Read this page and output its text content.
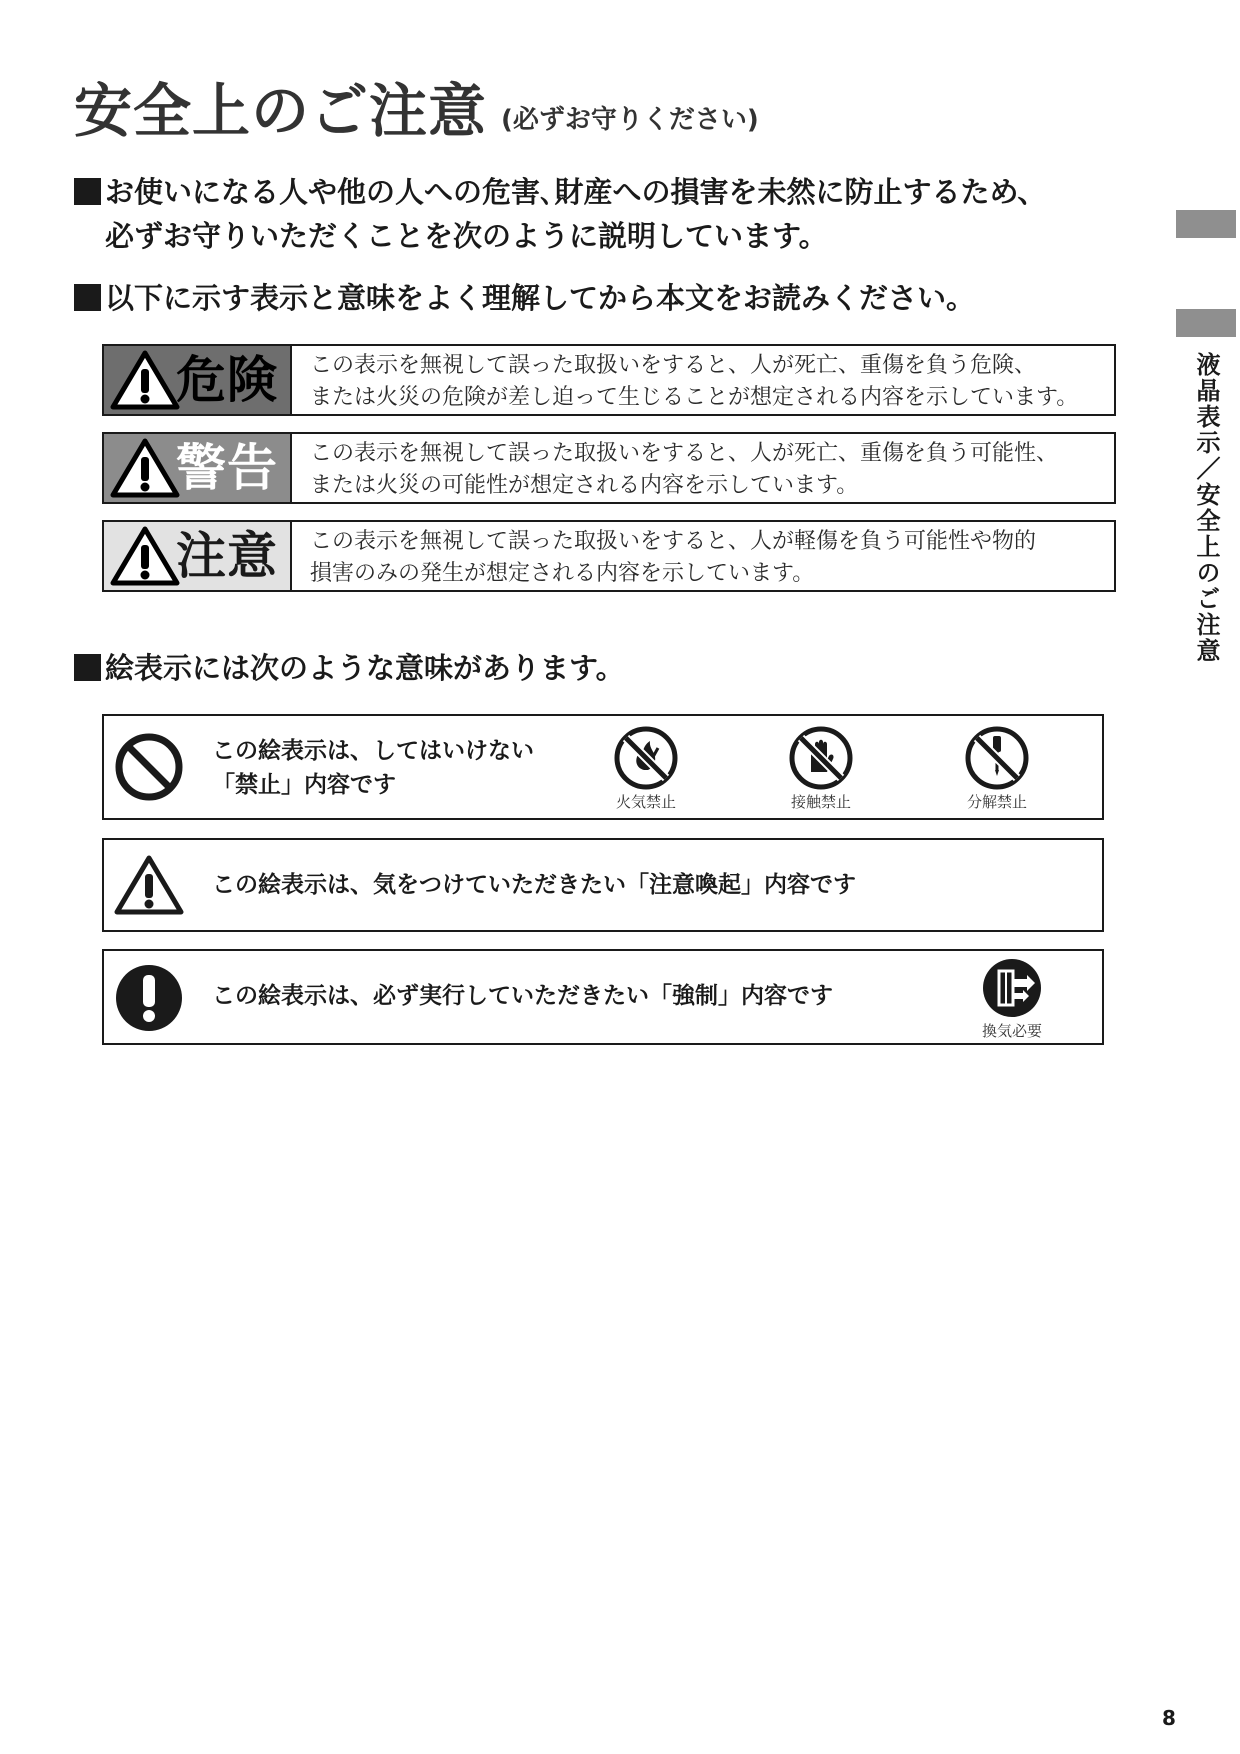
安全上のご注意 (必ずお守りください)
お使いになる人や他の人への危害､財産への損害を未然に防止するため、
必ずお守りいただくことを次のように説明しています。
以下に示す表示と意味をよく理解してから本文をお読みください。
危険 この表示を無視して誤った取扱いをすると、人が死亡、重傷を負う危険、
または火災の危険が差し迫って生じることが想定される内容を示しています。
警告 この表示を無視して誤った取扱いをすると、人が死亡、重傷を負う可能性、
または火災の可能性が想定される内容を示しています。
注意 この表示を無視して誤った取扱いをすると、人が軽傷を負う可能性や物的
損害のみの発生が想定される内容を示しています。
絵表示には次のような意味があります。
この絵表示は、してはいけない
「禁止」内容です
火気禁止	接触禁止	分解禁止
この絵表示は、気をつけていただきたい「注意喚起」内容です
この絵表示は、必ず実行していただきたい「強制」内容です
換気必要
液晶表示／安全上のご注意
8
